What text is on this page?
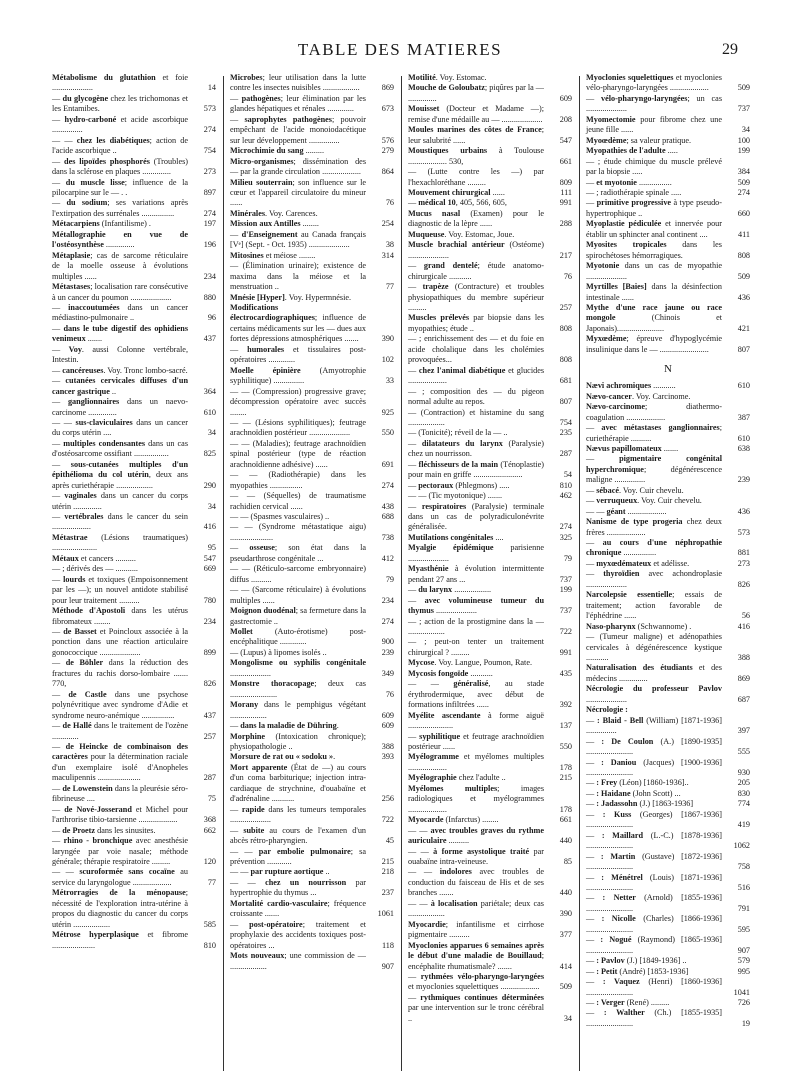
TABLE DES MATIERES	29
Métabolisme du glutathion et foie ....................	14
— du glycogène chez les trichomonas et les Entamibes.	573
— hydro-carboné et acide ascorbique ...............	274
— — chez les diabétiques; action de l'acide ascorbique ..	754
— des lipoïdes phosphorés (Troubles) dans la sclérose en plaques ..............	273
— du muscle lisse; influence de la pilocarpine sur le — . .	897
— du sodium; ses variations après l'extirpation des surrénales ................	274
Métacarpiens (Infantilisme) .	197
Métallographie en vue de l'ostéosynthèse ..............	196
Métaplasie; cas de sarcome réticulaire de la moelle osseuse à évolutions multiples ......	234
Métastases; localisation rare consécutive à un cancer du poumon ....................	880
— inaccoutumées dans un cancer médiastino-pulmonaire ..	96
— dans le tube digestif des ophidiens venimeux .......	437
— Voy. aussi Colonne vertébrale, Intestin.
— cancéreuses. Voy. Tronc lombo-sacré.
— cutanées cervicales diffuses d'un cancer gastrique ..	364
— ganglionnaires dans un naevo-carcinome ..............	610
— — sus-claviculaires dans un cancer du corps utérin ....	34
— multiples condensantes dans un cas d'ostéosarcome ossifiant .................	825
— sous-cutanées multiples d'un épithélioma du col utérin, deux ans après curiethérapie ..................	290
— vaginales dans un cancer du corps utérin ..............	34
— vertébrales dans le cancer du sein ...................	416
Métastrae (Lésions traumatiques) ......................	95
Métaux et cancers ..........	547
— ; dérivés des — ...........	669
— lourds et toxiques (Empoisonnement par les —); un nouvel antidote stabilisé pour leur traitement ..........	780
Méthode d'Apostoli dans les utérus fibromateux ........	234
— de Basset et Poincloux associée à la ponction dans une réaction articulaire gonococcique ....................	899
— de Böhler dans la réduction des fractures du rachis dorso-lombaire ....... 770,	826
— de Castle dans une psychose polynévritique avec syndrome d'Adie et syndrome neuro-anémique ................	437
— de Hallé dans le traitement de l'ozène .............	257
— de Heincke de combinaison des caractères pour la détermination raciale d'un exemplaire isolé d'Anopheles maculipennis .....................	287
— de Lowenstein dans la pleurésie séro-fibrineuse ....	75
— de Nové-Josserand et Michel pour l'arthrorise tibio-tarsienne ...................	368
— de Proetz dans les sinusites.	662
— rhino - bronchique avec anesthésie laryngée par voie nasale; méthode générale; thérapie respiratoire .........	120
— — scuroformée sans cocaïne au service du laryngologue ...................	77
Métrorragies de la ménopause; nécessité de l'exploration intra-utérine à propos du diagnostic du cancer du corps utérin ..................	585
Métrose hyperplasique et fibrome .....................	810
Microbes; leur utilisation dans la lutte contre les insectes nuisibles ..................	869
— pathogènes; leur élimination par les glandes hépatiques et rénales .............	673
— saprophytes pathogènes; pouvoir empêchant de l'acide monoiodacétique sur leur développement ...............	576
Microchimie du sang .........	279
Micro-organismes; dissémination des — par la grande circulation ...................	864
Milieu souterrain; son influence sur le cœur et l'appareil circulatoire du mineur ......	76
Minérales. Voy. Carences.
Mission aux Antilles ........	254
— d'Enseignement au Canada français [Vᵉ] (Sept. - Oct. 1935) ....................	38
Mitosines et méiose ........	314
— (Élimination urinaire); existence de maxima dans la méiose et la menstruation ..	77
Mnésie [Hyper]. Voy. Hypermnésie.
Modifications électrocardiographiques; influence de certains médicaments sur les — dues aux fortes dépressions atmosphériques .......	390
— humorales et tissulaires post-opératoires .............	102
Moelle épinière (Amyotrophie syphilitique) ...............	33
— — (Compression) progressive grave; décompression opératoire avec succès ........	925
— — (Lésions syphilitiques); feutrage arachnoïdien postérieur ....................	550
— — (Maladies); feutrage arachnoïdien spinal postérieur (type de réaction arachnoïdienne adhésive) ......	691
— — (Radiothérapie) dans les myopathies ................	274
— — (Séquelles) de traumatisme rachidien cervical ......	438
— — (Spasmes vasculaires) ..	688
— — (Syndrome métastatique aigu) .....................	738
— osseuse; son état dans la pseudarthrose congénitale ...	412
— — (Réticulo-sarcome embryonnaire) diffus ..........	79
— — (Sarcome réticulaire) à évolutions multiples ......	234
Moignon duodénal; sa fermeture dans la gastrectomie ..	274
Mollet (Auto-érotisme) post-encéphalitique .............	900
— (Lupus) à lipomes isolés ..	239
Mongolisme ou syphilis congénitale ....................	349
Monstre thoracopage; deux cas .......................	76
Morany dans le pemphigus végétant ..................	609
— dans la maladie de Dühring.	609
Morphine (Intoxication chronique); physiopathologie ..	388
Morsure de rat ou « sodoku ».	393
Mort apparente (État de —) au cours d'un coma barbiturique; injection intra-cardiaque de strychnine, d'ouabaïne et d'adrénaline ...........	256
— rapide dans les tumeurs temporales ....................	722
— subite au cours de l'examen d'un abcès rétro-pharyngien.	45
— — par embolie pulmonaire; sa prévention ............	215
— — par rupture aortique ..	218
— — chez un nourrisson par hypertrophie du thymus ...	237
Mortalité cardio-vasculaire; fréquence croissante .......	1061
— post-opératoire; traitement et prophylaxie des accidents toxiques post-opératoires ...	118
Mots nouveaux; une commission de — ..................	907
Motilité. Voy. Estomac.
Mouche de Goloubatz; piqûres par la — ..............	609
Mouisset (Docteur et Madame —); remise d'une médaille au — ....................	208
Moules marines des côtes de France; leur salubrité ......	547
Moustiques urbains à Toulouse ................... 530,	661
— (Lutte contre les —) par l'hexachloréthane .........	809
Mouvement chirurgical ......	111
— médical 10, 405, 566, 605,	991
Mucus nasal (Examen) pour le diagnostic de la lèpre ......	288
Muqueuse. Voy. Estomac, Joue.
Muscle brachial antérieur (Ostéome) ....................	217
— grand dentelé; étude anatomo-chirurgicale ...........	76
— trapèze (Contracture) et troubles physiopathiques du membre supérieur .........	257
Muscles prélevés par biopsie dans les myopathies; étude ..	808
— ; enrichissement des — et du foie en acide cholalique dans les cholémies provoquées...	808
— chez l'animal diabétique et glucides ...................	681
— ; composition des — du pigeon normal adulte au repos.	807
— (Contraction) et histamine du sang ..................	754
— (Tonicité); réveil de la — ..	235
— dilatateurs du larynx (Paralysie) chez un nourrisson.	287
— fléchisseurs de la main (Ténoplastie) pour main en griffe ........................	54
— pectoraux (Phlegmons) .....	810
— — (Tic myotonique) .......	462
— respiratoires (Paralysie) terminale dans un cas de polyradiculonévrite généralisée.	274
Mutilations congénitales ....	325
Myalgie épidémique parisienne ....................	79
Myasthénie à évolution intermittente pendant 27 ans ...	737
— du larynx ..................	199
— avec volumineuse tumeur du thymus ....................	737
— ; action de la prostigmine dans la — ..................	722
— ; peut-on tenter un traitement chirurgical ? .........	991
Mycose. Voy. Langue, Poumon, Rate.
Mycosis fongoïde ...........	435
— — généralisé, au stade érythrodermique, avec début de formations infiltrées ......	392
Myélite ascendante à forme aiguë ......................	137
— syphilitique et feutrage arachnoïdien postérieur ......	550
Myélogramme et myélomes multiples ...................	178
Myélographie chez l'adulte ..	215
Myélomes multiples; images radiologiques et myélogrammes ...................	178
Myocarde (Infarctus) ........	661
— — avec troubles graves du rythme auriculaire ..........	440
— — à forme asystolique traité par ouabaïne intra-veineuse.	85
— — indolores avec troubles de conduction du faisceau de His et de ses branches .......	440
— — à localisation pariétale; deux cas ..................	390
Myocardie; infantilisme et cirrhose pigmentaire ..........	377
Myoclonies apparues 6 semaines après le début d'une maladie de Bouillaud; encéphalite rhumatismale? .......	414
— rythmées vélo-pharyngo-laryngées et myoclonies squelettiques ...................	509
— rythmiques continues déterminées par une intervention sur le tronc cérébral ..	34
Myoclonies squelettiques et myoclonies vélo-pharyngo-laryngées ...................	509
— vélo-pharyngo-laryngées; un cas ....................	737
Myomectomie pour fibrome chez une jeune fille ......	34
Myoœdème; sa valeur pratique.	100
Myopathies de l'adulte .....	199
— ; étude chimique du muscle prélevé par la biopsie .....	384
— et myotonie ................	509
— ; radiothérapie spinale .....	274
— primitive progressive à type pseudo-hypertrophique ..	660
Myoplastie pédiculée et innervée pour établir un sphincter anal continent ....	411
Myosites tropicales dans les spirochétoses hémorragiques.	808
Myotonie dans un cas de myopathie ....................	509
Myrtilles [Baies] dans la désinfection intestinale ......	436
Mythe d'une race jaune ou race mongole (Chinois et Japonais).......................	421
Myxœdème; épreuve d'hypoglycémie insulinique dans le — ........................	807
N
Nævi achromiques ...........	610
Nævo-cancer. Voy. Carcinome.
Nævo-carcinome; diathermo-coagulation ...................	387
— avec métastases ganglionnaires; curiethérapie ..........	610
Nævus papillomateux .......	638
— pigmentaire congénital hyperchromique; dégénérescence maligne ...............	239
— sébacé. Voy. Cuir chevelu.
— verruqueux. Voy. Cuir chevelu.
— — géant ...................	436
Nanisme de type progeria chez deux frères ...................	573
— au cours d'une néphropathie chronique ................	881
— myxœdémateux et adélisse.	273
— thyroïdien avec achondroplasie ....................	826
Narcolepsie essentielle; essais de traitement; action favorable de l'éphédrine ......	56
Naso-pharynx (Schwannome) .	416
— (Tumeur maligne) et adénopathies cervicales à dégénérescence kystique ...........	388
Naturalisation des étudiants et des médecins ..............	869
Nécrologie du professeur Pavlov ....................	687
Nécrologie :
— : Blaid - Bell (William) [1871-1936] ...............	397
— : De Coulon (A.) [1890-1935] .......................	555
— : Daniou (Jacques) [1900-1936] .......................	930
— : Frey (Léon) [1860-1936]..	205
— : Haidane (John Scott) ...	830
— : Jadassohn (J.) [1863-1936]	774
— : Kuss (Georges) [1867-1936] .......................	419
— : Maillard (L.-C.) [1878-1936] .......................	1062
— : Martin (Gustave) [1872-1936] .......................	758
— : Ménétrel (Louis) [1871-1936] .......................	516
— : Netter (Arnold) [1855-1936] .......................	791
— : Nicolle (Charles) [1866-1936] .......................	595
— : Nogué (Raymond) [1865-1936] .......................	907
— : Pavlov (J.) [1849-1936] ..	579
— : Petit (André) [1853-1936]	995
— : Vaquez (Henri) [1860-1936] .......................	1041
— : Verger (René) .........	726
— : Walther (Ch.) [1855-1935] .......................	19
